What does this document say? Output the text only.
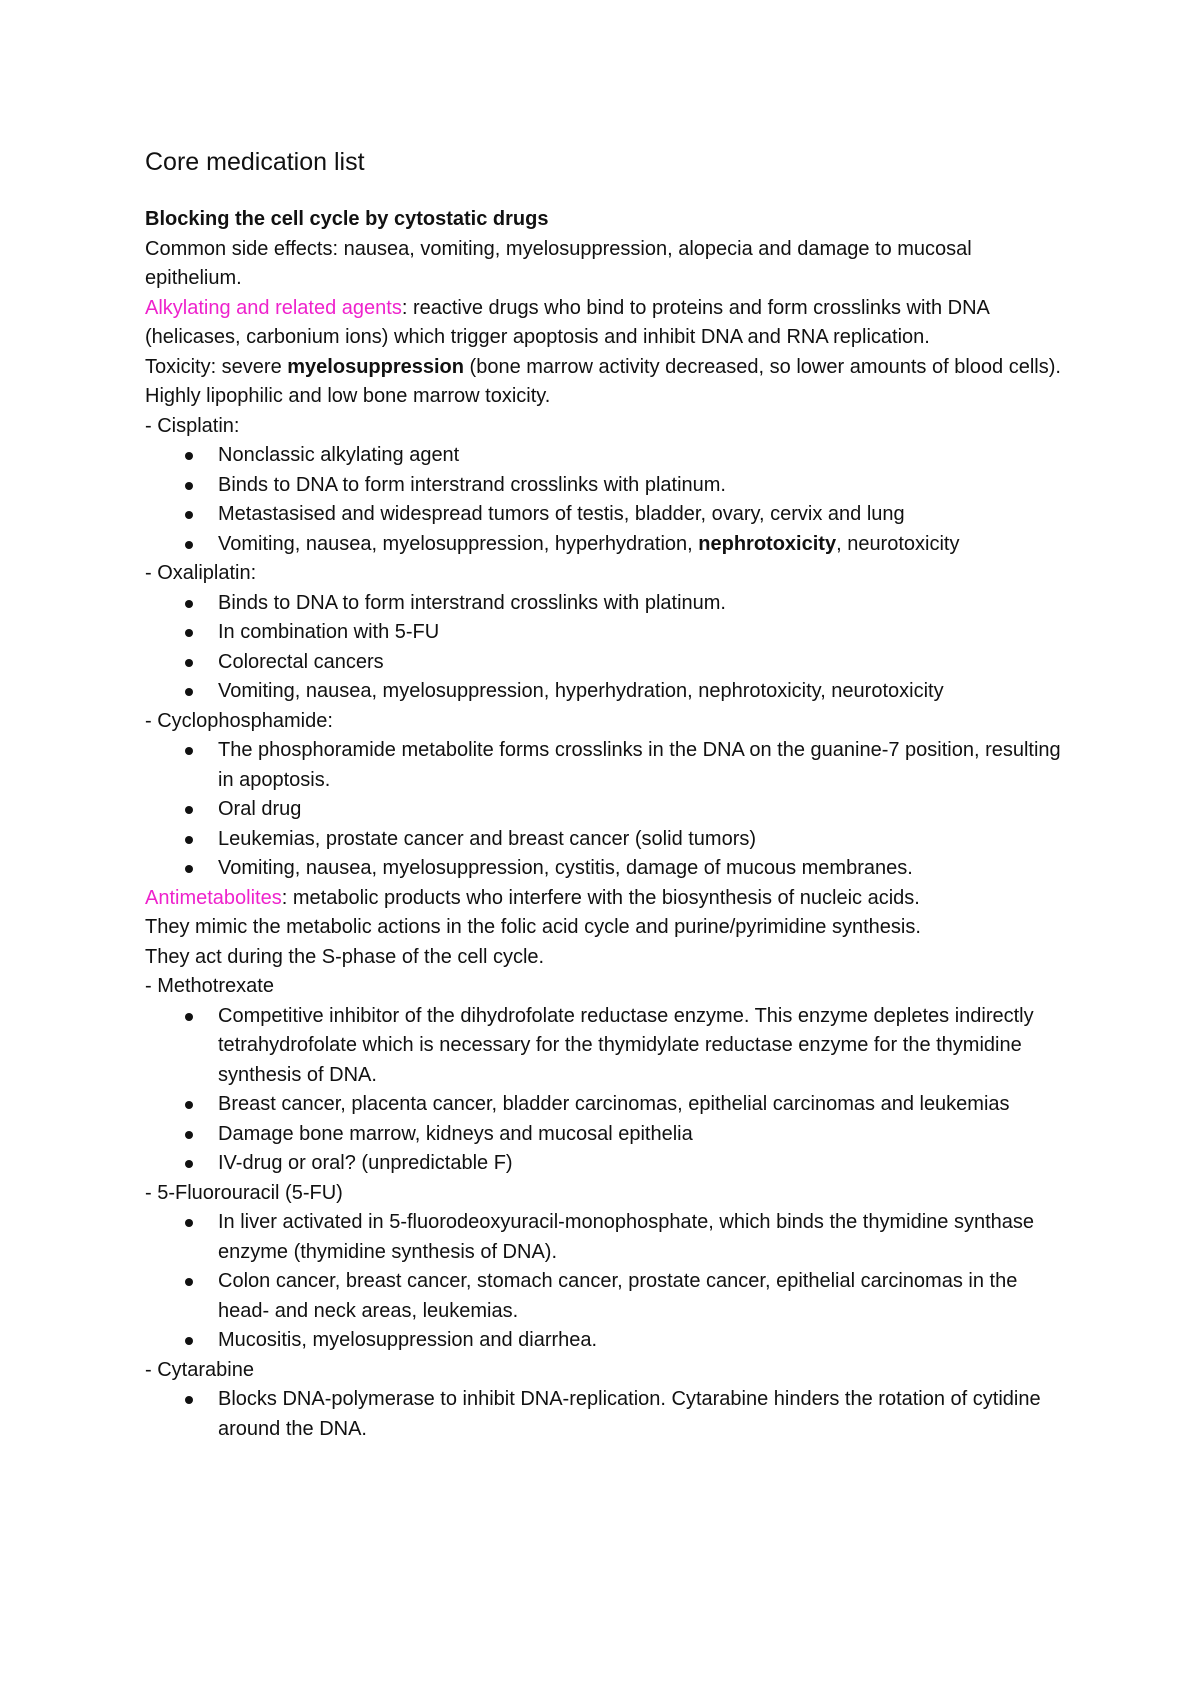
Core medication list

Blocking the cell cycle by cytostatic drugs

Common side effects: nausea, vomiting, myelosuppression, alopecia and damage to mucosal epithelium.

Alkylating and related agents: reactive drugs who bind to proteins and form crosslinks with DNA (helicases, carbonium ions) which trigger apoptosis and inhibit DNA and RNA replication.

Toxicity: severe myelosuppression (bone marrow activity decreased, so lower amounts of blood cells).

Highly lipophilic and low bone marrow toxicity.

- Cisplatin:

Nonclassic alkylating agent
Binds to DNA to form interstrand crosslinks with platinum.
Metastasised and widespread tumors of testis, bladder, ovary, cervix and lung
Vomiting, nausea, myelosuppression, hyperhydration, nephrotoxicity, neurotoxicity

- Oxaliplatin:

Binds to DNA to form interstrand crosslinks with platinum.
In combination with 5-FU
Colorectal cancers
Vomiting, nausea, myelosuppression, hyperhydration, nephrotoxicity, neurotoxicity

- Cyclophosphamide:

The phosphoramide metabolite forms crosslinks in the DNA on the guanine-7 position, resulting in apoptosis.
Oral drug
Leukemias, prostate cancer and breast cancer (solid tumors)
Vomiting, nausea, myelosuppression, cystitis, damage of mucous membranes.

Antimetabolites: metabolic products who interfere with the biosynthesis of nucleic acids.

They mimic the metabolic actions in the folic acid cycle and purine/pyrimidine synthesis.

They act during the S-phase of the cell cycle.

- Methotrexate

Competitive inhibitor of the dihydrofolate reductase enzyme. This enzyme depletes indirectly tetrahydrofolate which is necessary for the thymidylate reductase enzyme for the thymidine synthesis of DNA.
Breast cancer, placenta cancer, bladder carcinomas, epithelial carcinomas and leukemias
Damage bone marrow, kidneys and mucosal epithelia
IV-drug or oral? (unpredictable F)

- 5-Fluorouracil (5-FU)

In liver activated in 5-fluorodeoxyuracil-monophosphate, which binds the thymidine synthase enzyme (thymidine synthesis of DNA).
Colon cancer, breast cancer, stomach cancer, prostate cancer, epithelial carcinomas in the head- and neck areas, leukemias.
Mucositis, myelosuppression and diarrhea.

- Cytarabine

Blocks DNA-polymerase to inhibit DNA-replication. Cytarabine hinders the rotation of cytidine around the DNA.
